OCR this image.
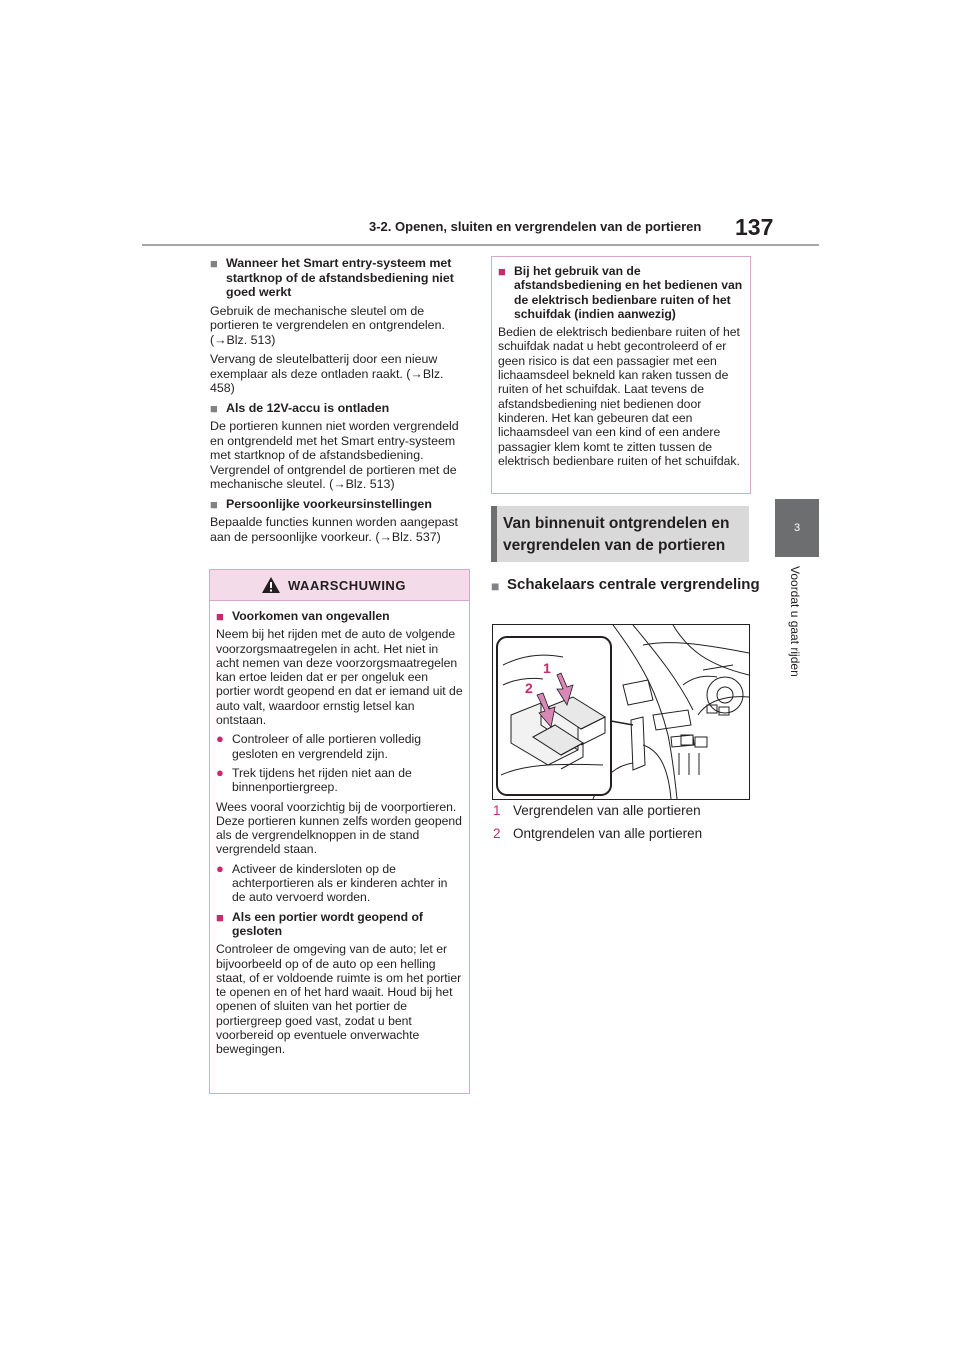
3-2. Openen, sluiten en vergrendelen van de portieren 137
3
Voordat u gaat rijden
■ Wanneer het Smart entry-systeem met startknop of de afstandsbediening niet goed werkt
Gebruik de mechanische sleutel om de portieren te vergrendelen en ontgrendelen. (→Blz. 513)
Vervang de sleutelbatterij door een nieuw exemplaar als deze ontladen raakt. (→Blz. 458)
■ Als de 12V-accu is ontladen
De portieren kunnen niet worden vergrendeld en ontgrendeld met het Smart entry-systeem met startknop of de afstandsbediening. Vergrendel of ontgrendel de portieren met de mechanische sleutel. (→Blz. 513)
■ Persoonlijke voorkeursinstellingen
Bepaalde functies kunnen worden aangepast aan de persoonlijke voorkeur. (→Blz. 537)
WAARSCHUWING
■ Voorkomen van ongevallen
Neem bij het rijden met de auto de volgende voorzorgsmaatregelen in acht. Het niet in acht nemen van deze voorzorgsmaatregelen kan ertoe leiden dat er per ongeluk een portier wordt geopend en dat er iemand uit de auto valt, waardoor ernstig letsel kan ontstaan.
● Controleer of alle portieren volledig gesloten en vergrendeld zijn.
● Trek tijdens het rijden niet aan de binnenportiergreep.
Wees vooral voorzichtig bij de voorportieren. Deze portieren kunnen zelfs worden geopend als de vergrendelknoppen in de stand vergrendeld staan.
● Activeer de kindersloten op de achterportieren als er kinderen achter in de auto vervoerd worden.
■ Als een portier wordt geopend of gesloten
Controleer de omgeving van de auto; let er bijvoorbeeld op of de auto op een helling staat, of er voldoende ruimte is om het portier te openen en of het hard waait. Houd bij het openen of sluiten van het portier de portiergreep goed vast, zodat u bent voorbereid op eventuele onverwachte bewegingen.
■ Bij het gebruik van de afstandsbediening en het bedienen van de elektrisch bedienbare ruiten of het schuifdak (indien aanwezig)
Bedien de elektrisch bedienbare ruiten of het schuifdak nadat u hebt gecontroleerd of er geen risico is dat een passagier met een lichaamsdeel bekneld kan raken tussen de ruiten of het schuifdak. Laat tevens de afstandsbediening niet bedienen door kinderen. Het kan gebeuren dat een lichaamsdeel van een kind of een andere passagier klem komt te zitten tussen de elektrisch bedienbare ruiten of het schuifdak.
Van binnenuit ontgrendelen en vergrendelen van de portieren
■ Schakelaars centrale vergrendeling
1
2
1 Vergrendelen van alle portieren
2 Ontgrendelen van alle portieren
